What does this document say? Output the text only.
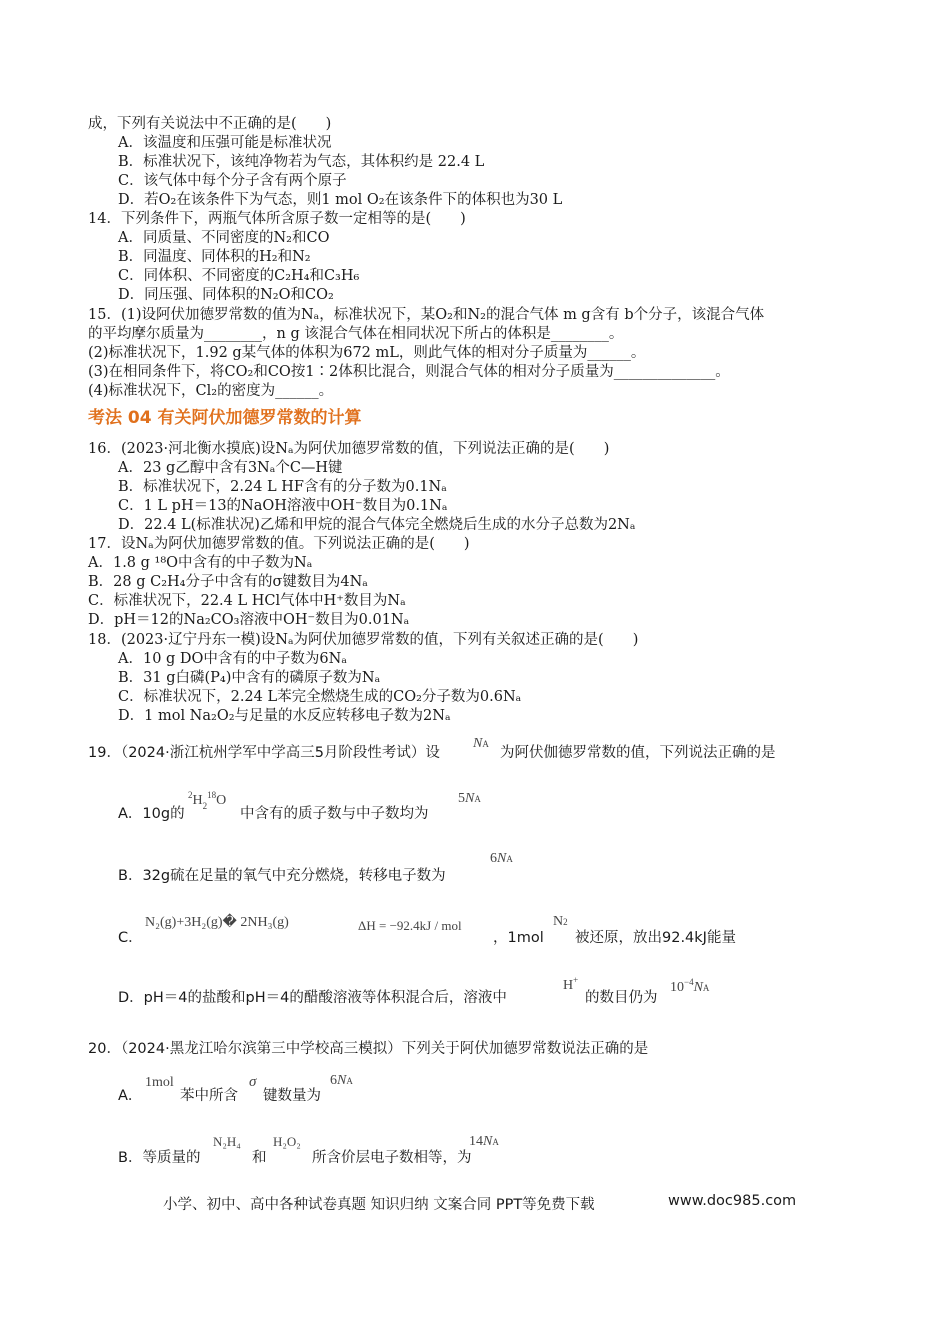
成，下列有关说法中不正确的是(　　)
A．该温度和压强可能是标准状况
B．标准状况下，该纯净物若为气态，其体积约是 22.4 L
C．该气体中每个分子含有两个原子
D．若O₂在该条件下为气态，则1 mol O₂在该条件下的体积也为30 L
14．下列条件下，两瓶气体所含原子数一定相等的是(　　)
A．同质量、不同密度的N₂和CO
B．同温度、同体积的H₂和N₂
C．同体积、不同密度的C₂H₄和C₃H₆
D．同压强、同体积的N₂O和CO₂
15．(1)设阿伏加德罗常数的值为Nₐ，标准状况下，某O₂和N₂的混合气体 m g含有 b个分子，该混合气体
的平均摩尔质量为________，n g 该混合气体在相同状况下所占的体积是________。
(2)标准状况下，1.92 g某气体的体积为672 mL，则此气体的相对分子质量为______。
(3)在相同条件下，将CO₂和CO按1∶2体积比混合，则混合气体的相对分子质量为______________。
(4)标准状况下，Cl₂的密度为______。
考法 04 有关阿伏加德罗常数的计算
16．(2023·河北衡水摸底)设Nₐ为阿伏加德罗常数的值，下列说法正确的是(　　)
A．23 g乙醇中含有3Nₐ个C—H键
B．标准状况下，2.24 L HF含有的分子数为0.1Nₐ
C．1 L pH＝13的NaOH溶液中OH⁻数目为0.1Nₐ
D．22.4 L(标准状况)乙烯和甲烷的混合气体完全燃烧后生成的水分子总数为2Nₐ
17．设Nₐ为阿伏加德罗常数的值。下列说法正确的是(　　)
A．1.8 g ¹⁸O中含有的中子数为Nₐ
B．28 g C₂H₄分子中含有的σ键数目为4Nₐ
C．标准状况下，22.4 L HCl气体中H⁺数目为Nₐ
D．pH＝12的Na₂CO₃溶液中OH⁻数目为0.01Nₐ
18．(2023·辽宁丹东一模)设Nₐ为阿伏加德罗常数的值，下列有关叙述正确的是(　　)
A．10 g DO中含有的中子数为6Nₐ
B．31 g白磷(P₄)中含有的磷原子数为Nₐ
C．标准状况下，2.24 L苯完全燃烧生成的CO₂分子数为0.6Nₐ
D．1 mol Na₂O₂与足量的水反应转移电子数为2Nₐ
19．（2024·浙江杭州学军中学高三5月阶段性考试）设
NA
为阿伏伽德罗常数的值，下列说法正确的是
A．10g的
$^2H_2^{18}O$
中含有的质子数与中子数均为
5NA
B．32g硫在足量的氧气中充分燃烧，转移电子数为
6NA
C．
N₂(g)+3H₂(g)� 2NH₃(g)	ΔH = −92.4kJ / mol
，1mol
N2
被还原，放出92.4kJ能量
D．pH＝4的盐酸和pH＝4的醋酸溶液等体积混合后，溶液中
H+
的数目仍为
$10^{-4}NA$
20．（2024·黑龙江哈尔滨第三中学校高三模拟）下列关于阿伏加德罗常数说法正确的是
A．
1mol
苯中所含
σ
键数量为
6NA
B．等质量的
N₂H₄
和
H₂O₂
所含价层电子数相等，为
14NA
小学、初中、高中各种试卷真题 知识归纳 文案合同 PPT等免费下载	www.doc985.com
